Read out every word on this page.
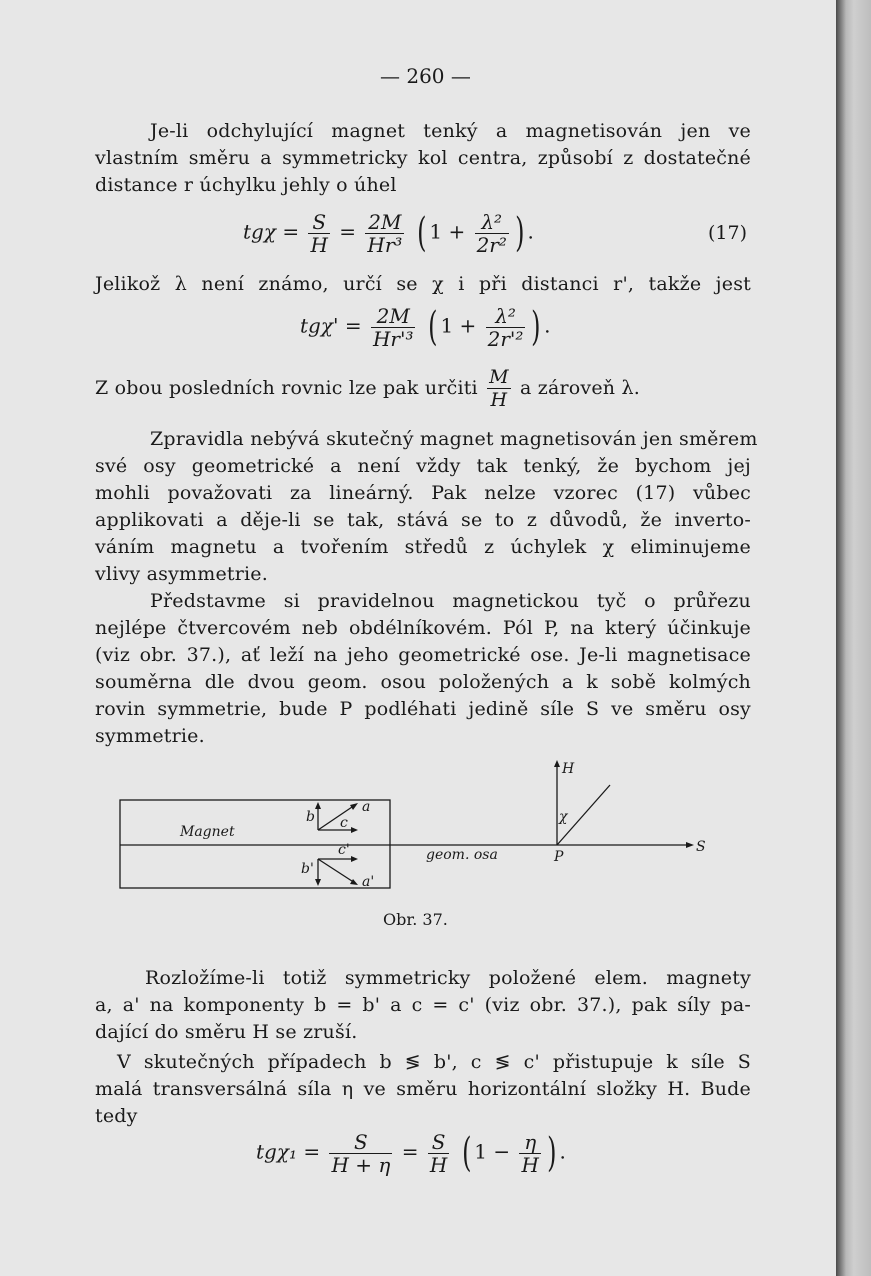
— 260 —
Je-li odchylující magnet tenký a magnetisován jen ve
vlastním směru a symmetricky kol centra, způsobí z dostatečné
distance r úchylku jehly o úhel
$tg\chi = \frac{S}{H} = \frac{2M}{\text{Hr³}}$ ( $1 + \frac{\text{λ²}}{\text{2r²}}$ ) .	(17)
Jelikož λ není známo, určí se χ i při distanci r', takže jest
$tg\chi' = \frac{2M}{\text{Hr'³}}$ ( $1 + \frac{\text{λ²}}{\text{2r'²}}$ ) .
Z obou posledních rovnic lze pak určiti $\frac{M}{H}$ a zároveň λ.
Zpravidla nebývá skutečný magnet magnetisován jen směrem
své osy geometrické a není vždy tak tenký, že bychom jej
mohli považovati za lineárný. Pak nelze vzorec (17) vůbec
applikovati a děje-li se tak, stává se to z důvodů, že inverto-
váním magnetu a tvořením středů z úchylek χ eliminujeme
vlivy asymmetrie.
Představme si pravidelnou magnetickou tyč o průřezu
nejlépe čtvercovém neb obdélníkovém. Pól P, na který účinkuje
(viz obr. 37.), ať leží na jeho geometrické ose. Je-li magnetisace
souměrna dle dvou geom. osou položených a k sobě kolmých
rovin symmetrie, bude P podléhati jedině síle S ve směru osy
symmetrie.
Magnet
b c
a
b'
c'
a'
geom. osa
H
χ
P
S
Obr. 37.
Rozložíme-li totiž symmetricky položené elem. magnety
a, a' na komponenty b = b' a c = c' (viz obr. 37.), pak síly pa-
dající do směru H se zruší.
V skutečných případech b ≶ b', c ≶ c' přistupuje k síle S
malá transversálná síla η ve směru horizontální složky H. Bude
tedy
$tg\chi_1 = \frac{S}{H + \eta} = \frac{S}{H}$ ( $1 - \frac{\eta}{H}$ ) .
